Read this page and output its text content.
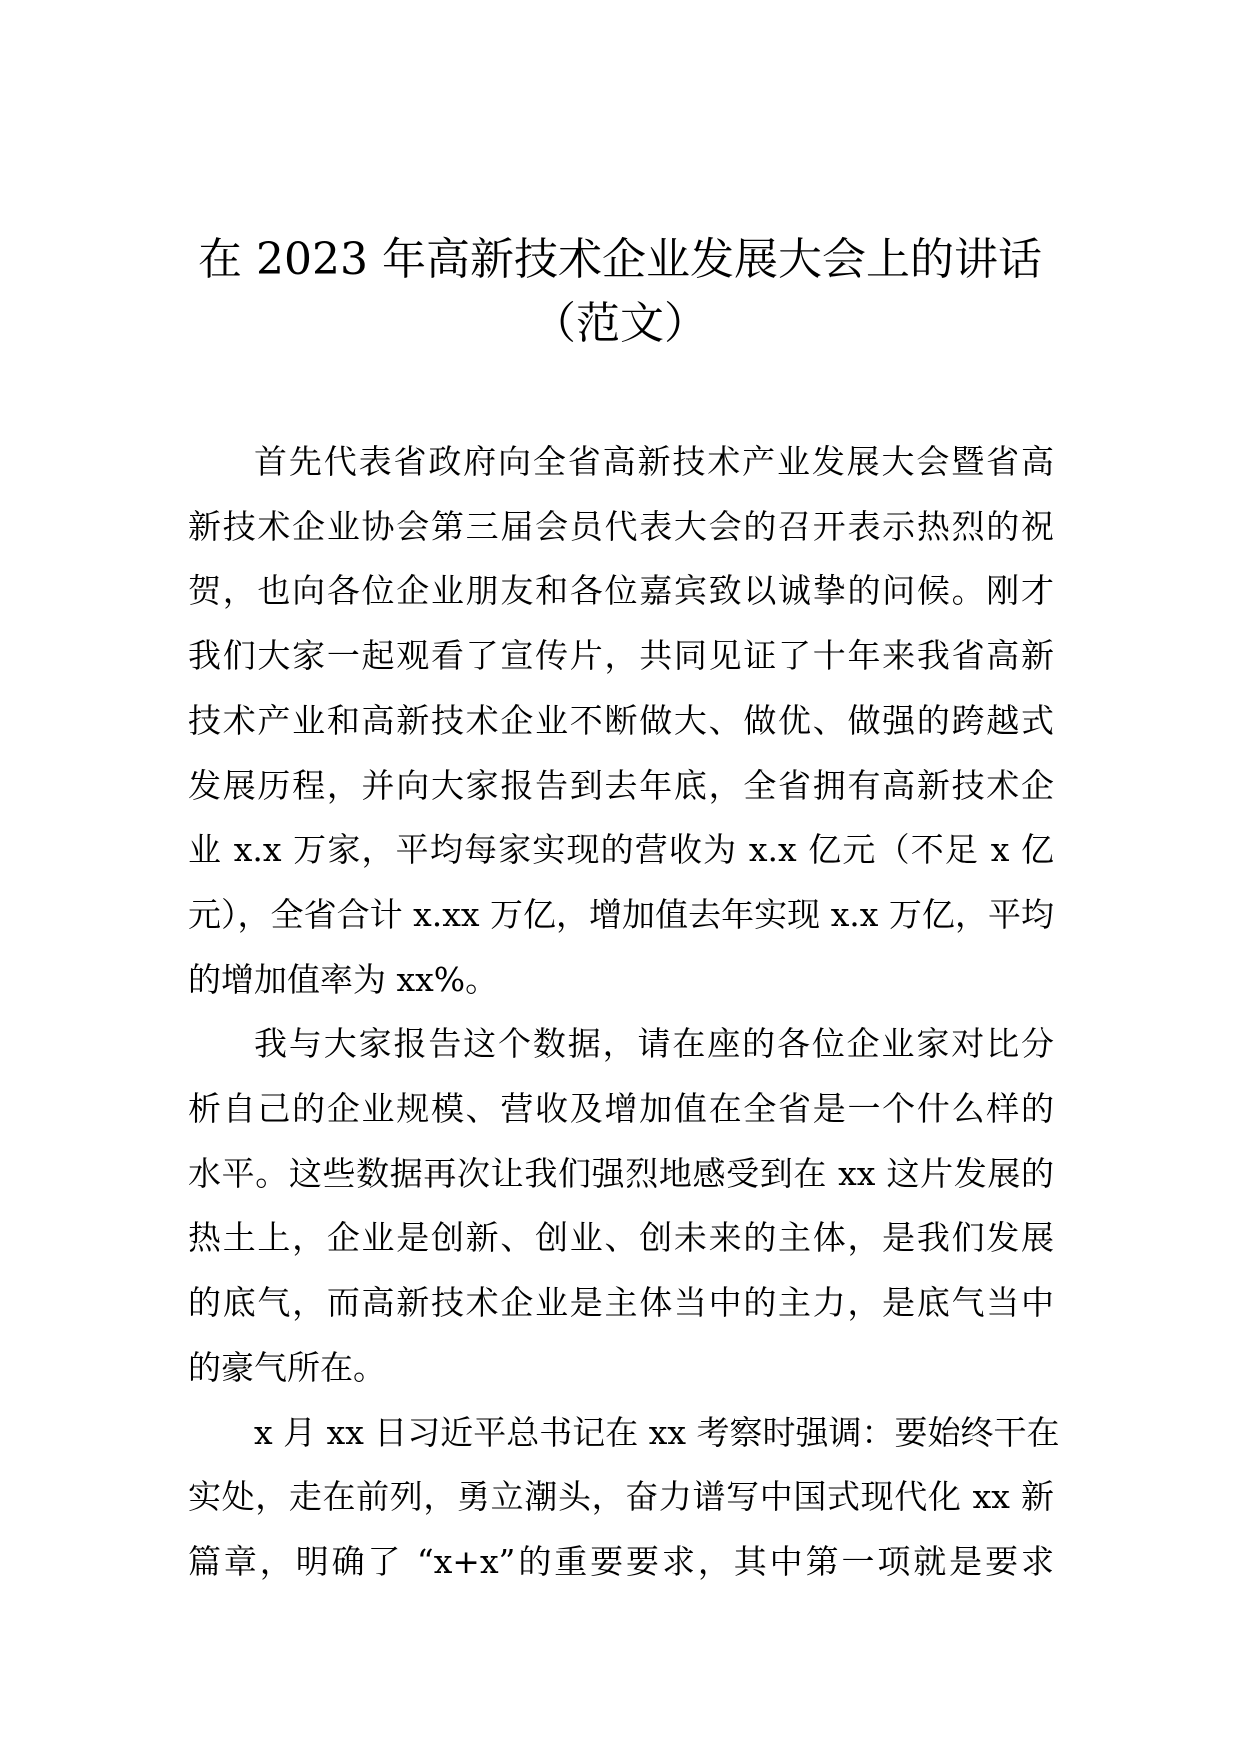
在 2023 年高新技术企业发展大会上的讲话
（范文）

首先代表省政府向全省高新技术产业发展大会暨省高
新技术企业协会第三届会员代表大会的召开表示热烈的祝
贺，也向各位企业朋友和各位嘉宾致以诚挚的问候。刚才
我们大家一起观看了宣传片，共同见证了十年来我省高新
技术产业和高新技术企业不断做大、做优、做强的跨越式
发展历程，并向大家报告到去年底，全省拥有高新技术企
业 x.x 万家，平均每家实现的营收为 x.x 亿元（不足 x 亿
元），全省合计 x.xx 万亿，增加值去年实现 x.x 万亿，平均
的增加值率为 xx%。

我与大家报告这个数据，请在座的各位企业家对比分
析自己的企业规模、营收及增加值在全省是一个什么样的
水平。这些数据再次让我们强烈地感受到在 xx 这片发展的
热土上，企业是创新、创业、创未来的主体，是我们发展
的底气，而高新技术企业是主体当中的主力，是底气当中
的豪气所在。

x 月 xx 日习近平总书记在 xx 考察时强调：要始终干在
实处，走在前列，勇立潮头，奋力谱写中国式现代化 xx 新
篇章，明确了 “x+x”的重要要求，其中第一项就是要求
